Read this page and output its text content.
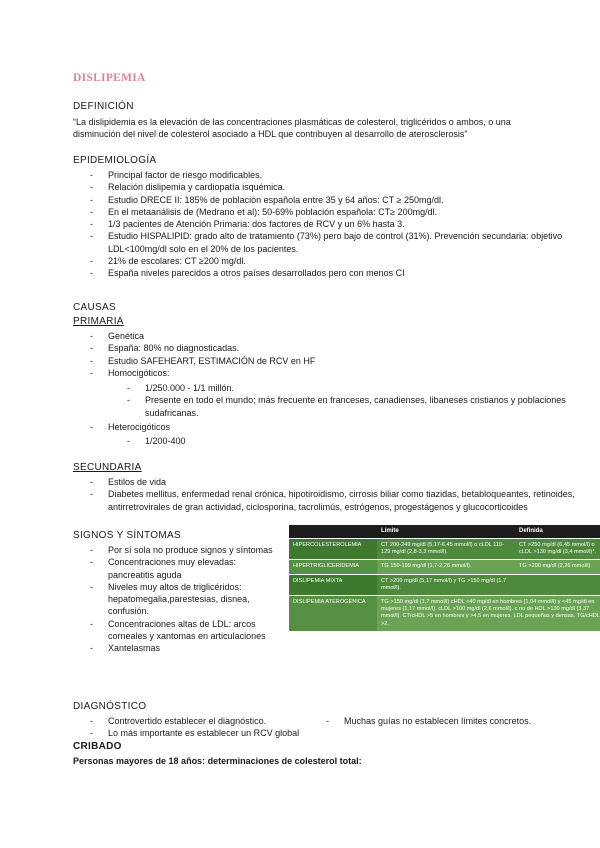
DISLIPEMIA
DEFINICIÓN
“La dislipidemia es la elevación de las concentraciones plasmáticas de colesterol, triglicéridos o ambos, o una
disminución del nivel de colesterol asociado a HDL que contribuyen al desarrollo de aterosclerosis”
EPIDEMIOLOGÍA
- Principal factor de riesgo modificables.
- Relación dislipemia y cardiopatía isquémica.
- Estudio DRECE II: 185% de población española entre 35 y 64 años: CT ≥ 250mg/dl.
- En el metaanálisis de (Medrano et al): 50-69% población española: CT≥ 200mg/dl.
- 1/3 pacientes de Atención Primaria: dos factores de RCV y un 6% hasta 3.
- Estudio HISPALIPID: grado alto de tratamiento (73%) pero bajo de control (31%). Prevención secundaria: objetivo LDL<100mg/dl solo en el 20% de los pacientes.
- 21% de escolares: CT ≥200 mg/dl.
- España niveles parecidos a otros países desarrollados pero con menos CI
CAUSAS
PRIMARIA
- Genética
- España: 80% no diagnosticadas.
- Estudio SAFEHEART, ESTIMACIÓN de RCV en HF
- Homocigóticos:
- 1/250.000 - 1/1 millón.
- Presente en todo el mundo; más frecuente en franceses, canadienses, libaneses cristianos y poblaciones sudafricanas.
- Heterocigóticos
- 1/200-400
SECUNDARIA
- Estilos de vida
- Diabetes mellitus, enfermedad renal crónica, hipotiroidismo, cirrosis biliar como tiazidas, betabloqueantes, retinoides, antirretrovirales de gran actividad, ciclosporina, tacrolimús, estrógenos, progestágenos y glucocorticoides
SIGNOS Y SÍNTOMAS
- Por sí sola no produce signos y síntomas
- Concentraciones muy elevadas: pancreatitis aguda
- Niveles muy altos de triglicéridos: hepatomegalia,parestesias, disnea, confusión.
- Concentraciones altas de LDL: arcos corneales y xantomas en articulaciones
- Xantelasmas
	Límite	Definida
HIPERCOLESTEROLEMIA	CT 200-249 mg/dl (5,17-6,45 mmol/l) o cLDL 110-129 mg/dl (2,8-3,3 mmol/l).	CT >250 mg/dl (6,45 mmol/l) o cLDL >130 mg/dl (3,4 mmol/l)*.
HIPERTRIGLICERIDEMIA	TG 150-199 mg/dl (1,7-2,26 mmol/l).	TG >200 mg/dl (2,26 mmol/l).
DISLIPEMIA MIXTA	CT >200 mg/dl (5,17 mmol/l) y TG >150 mg/dl (1,7 mmol/l).	
DISLIPEMIA ATEROGÉNICA	TG >150 mg/dl (1,7 mmol/l) cHDL <40 mg/dl en hombres (1,04 mmol/l) y <45 mg/dl en mujeres (1,17 mmol/l). cLDL >100 mg/dl (2,6 mmol/l). c no de HDL >130 mg/dl (3,37 mmol/l). CT/cHDL >5 en hombres y >4,5 en mujeres. LDL pequeñas y densas. TG/cHDL >2.	
DIAGNÓSTICO
- Controvertido establecer el diagnóstico.
- Lo más importante es establecer un RCV global
- Muchas guías no establecen límites concretos.
CRIBADO
Personas mayores de 18 años: determinaciones de colesterol total:
